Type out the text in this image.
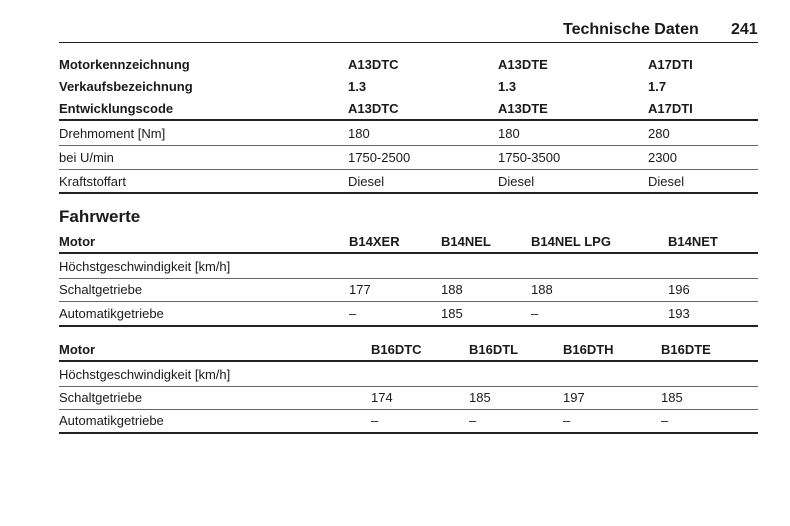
Technische Daten 241
Motorkennzeichnung	A13DTC	A13DTE	A17DTI
Verkaufsbezeichnung	1.3	1.3	1.7
Entwicklungscode	A13DTC	A13DTE	A17DTI
Drehmoment [Nm]	180	180	280
bei U/min	1750-2500	1750-3500	2300
Kraftstoffart	Diesel	Diesel	Diesel
Fahrwerte
Motor	B14XER	B14NEL	B14NEL LPG	B14NET
Höchstgeschwindigkeit [km/h]
Schaltgetriebe	177	188	188	196
Automatikgetriebe	–	185	–	193
Motor	B16DTC	B16DTL	B16DTH	B16DTE
Höchstgeschwindigkeit [km/h]
Schaltgetriebe	174	185	197	185
Automatikgetriebe	–	–	–	–
